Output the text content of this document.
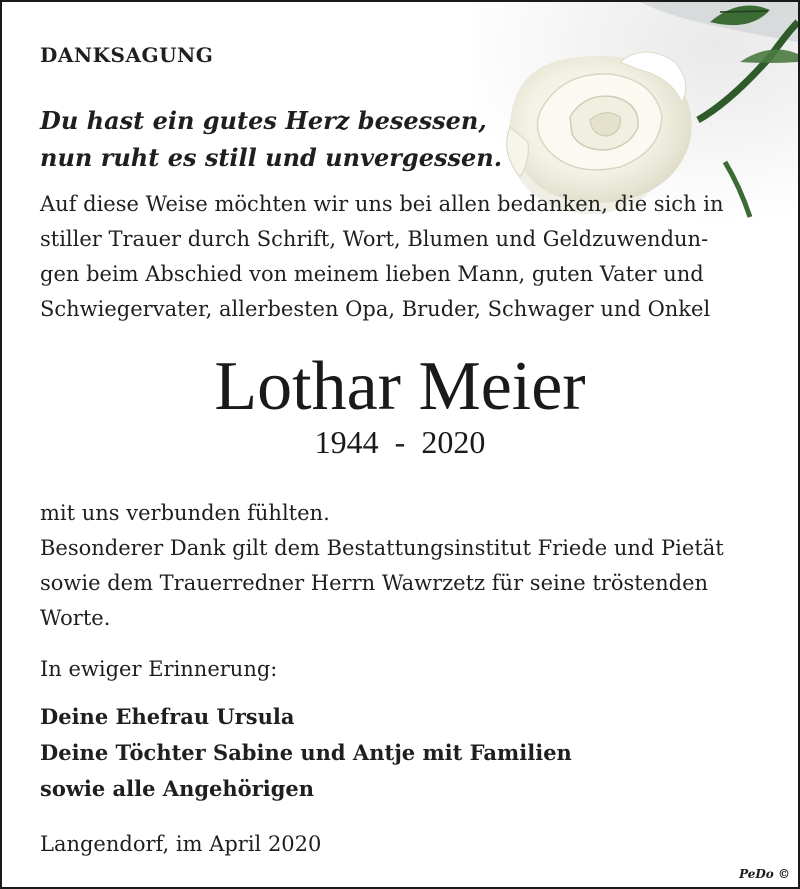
DANKSAGUNG
Du hast ein gutes Herz besessen,
nun ruht es still und unvergessen.
Auf diese Weise möchten wir uns bei allen bedanken, die sich in
stiller Trauer durch Schrift, Wort, Blumen und Geldzuwendun-
gen beim Abschied von meinem lieben Mann, guten Vater und
Schwiegervater, allerbesten Opa, Bruder, Schwager und Onkel
Lothar Meier
1944  -  2020
mit uns verbunden fühlten.
Besonderer Dank gilt dem Bestattungsinstitut Friede und Pietät
sowie dem Trauerredner Herrn Wawrzetz für seine tröstenden
Worte.
In ewiger Erinnerung:
Deine Ehefrau Ursula
Deine Töchter Sabine und Antje mit Familien
sowie alle Angehörigen
Langendorf, im April 2020
PeDo ©
